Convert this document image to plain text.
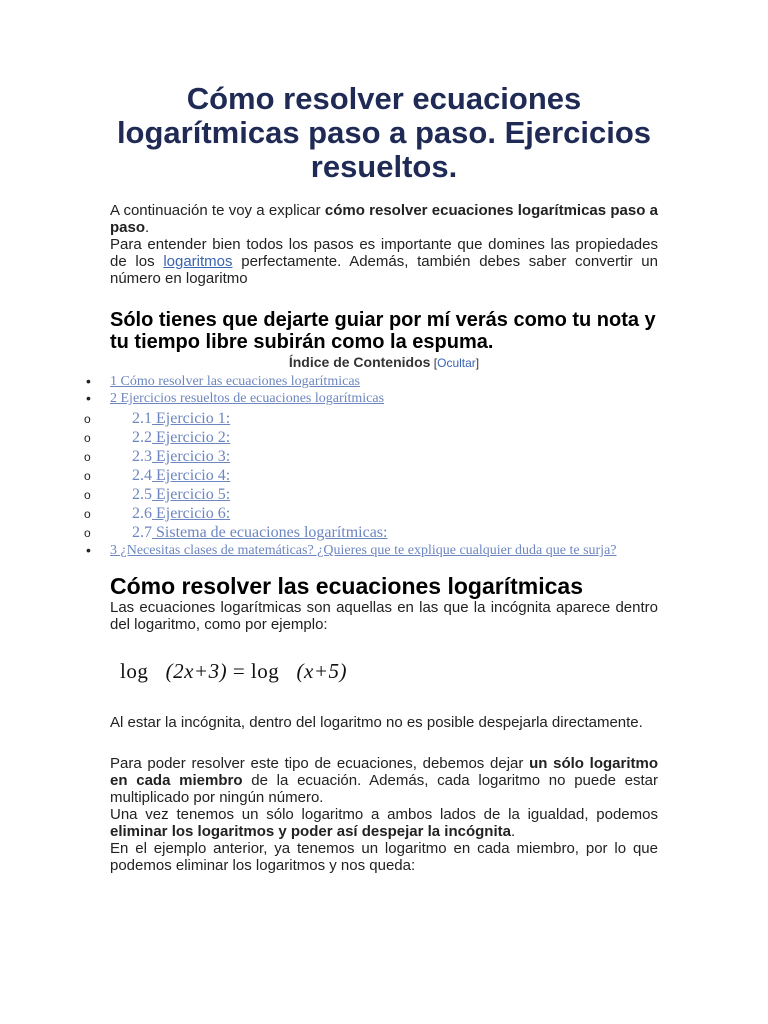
Cómo resolver ecuaciones logarítmicas paso a paso. Ejercicios resueltos.

A continuación te voy a explicar cómo resolver ecuaciones logarítmicas paso a paso.
Para entender bien todos los pasos es importante que domines las propiedades de los logaritmos perfectamente. Además, también debes saber convertir un número en logaritmo

Sólo tienes que dejarte guiar por mí verás como tu nota y tu tiempo libre subirán como la espuma.
Índice de Contenidos [Ocultar]
• 1 Cómo resolver las ecuaciones logarítmicas
• 2 Ejercicios resueltos de ecuaciones logarítmicas
o 2.1 Ejercicio 1:
o 2.2 Ejercicio 2:
o 2.3 Ejercicio 3:
o 2.4 Ejercicio 4:
o 2.5 Ejercicio 5:
o 2.6 Ejercicio 6:
o 2.7 Sistema de ecuaciones logarítmicas:
• 3 ¿Necesitas clases de matemáticas? ¿Quieres que te explique cualquier duda que te surja?
Cómo resolver las ecuaciones logarítmicas

Las ecuaciones logarítmicas son aquellas en las que la incógnita aparece dentro del logaritmo, como por ejemplo:

log (2x+3) = log (x+5)

Al estar la incógnita, dentro del logaritmo no es posible despejarla directamente.

Para poder resolver este tipo de ecuaciones, debemos dejar un sólo logaritmo en cada miembro de la ecuación. Además, cada logaritmo no puede estar multiplicado por ningún número.
Una vez tenemos un sólo logaritmo a ambos lados de la igualdad, podemos eliminar los logaritmos y poder así despejar la incógnita.
En el ejemplo anterior, ya tenemos un logaritmo en cada miembro, por lo que podemos eliminar los logaritmos y nos queda:
